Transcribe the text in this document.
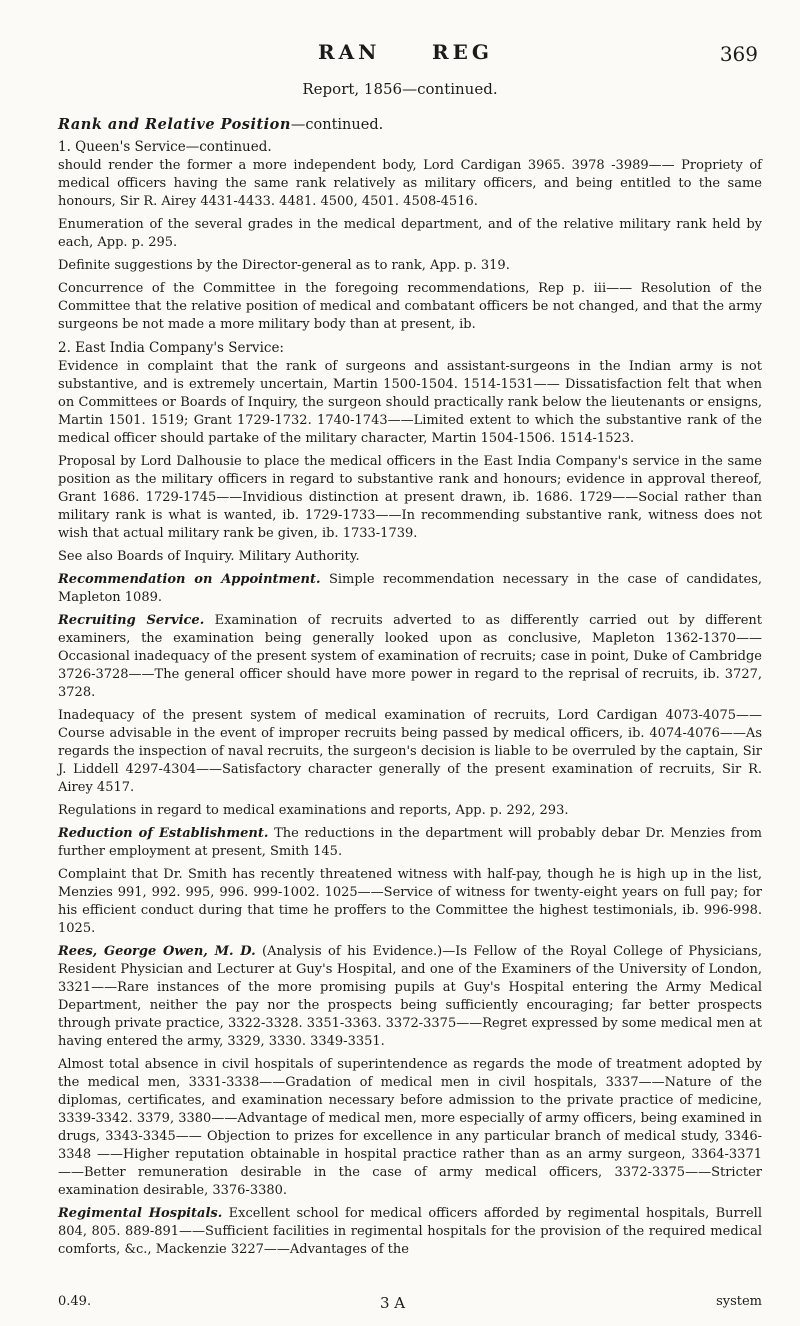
RAN	REG	369
Report, 1856—continued.
Rank and Relative Position—continued.
1. Queen's Service—continued.

should render the former a more independent body, Lord Cardigan 3965. 3978 -3989—— Propriety of medical officers having the same rank relatively as military officers, and being entitled to the same honours, Sir R. Airey 4431-4433. 4481. 4500, 4501. 4508-4516.

Enumeration of the several grades in the medical department, and of the relative military rank held by each, App. p. 295.

Definite suggestions by the Director-general as to rank, App. p. 319.

Concurrence of the Committee in the foregoing recommendations, Rep p. iii—— Resolution of the Committee that the relative position of medical and combatant officers be not changed, and that the army surgeons be not made a more military body than at present, ib.

2. East India Company's Service:

Evidence in complaint that the rank of surgeons and assistant-surgeons in the Indian army is not substantive, and is extremely uncertain, Martin 1500-1504. 1514-1531—— Dissatisfaction felt that when on Committees or Boards of Inquiry, the surgeon should practically rank below the lieutenants or ensigns, Martin 1501. 1519; Grant 1729-1732. 1740-1743——Limited extent to which the substantive rank of the medical officer should partake of the military character, Martin 1504-1506. 1514-1523.

Proposal by Lord Dalhousie to place the medical officers in the East India Company's service in the same position as the military officers in regard to substantive rank and honours; evidence in approval thereof, Grant 1686. 1729-1745——Invidious distinction at present drawn, ib. 1686. 1729——Social rather than military rank is what is wanted, ib. 1729-1733——In recommending substantive rank, witness does not wish that actual military rank be given, ib. 1733-1739.

See also Boards of Inquiry. Military Authority.

Recommendation on Appointment. Simple recommendation necessary in the case of candidates, Mapleton 1089.

Recruiting Service. Examination of recruits adverted to as differently carried out by different examiners, the examination being generally looked upon as conclusive, Mapleton 1362-1370——Occasional inadequacy of the present system of examination of recruits; case in point, Duke of Cambridge 3726-3728——The general officer should have more power in regard to the reprisal of recruits, ib. 3727, 3728.

Inadequacy of the present system of medical examination of recruits, Lord Cardigan 4073-4075——Course advisable in the event of improper recruits being passed by medical officers, ib. 4074-4076——As regards the inspection of naval recruits, the surgeon's decision is liable to be overruled by the captain, Sir J. Liddell 4297-4304——Satisfactory character generally of the present examination of recruits, Sir R. Airey 4517.

Regulations in regard to medical examinations and reports, App. p. 292, 293.

Reduction of Establishment. The reductions in the department will probably debar Dr. Menzies from further employment at present, Smith 145.

Complaint that Dr. Smith has recently threatened witness with half-pay, though he is high up in the list, Menzies 991, 992. 995, 996. 999-1002. 1025——Service of witness for twenty-eight years on full pay; for his efficient conduct during that time he proffers to the Committee the highest testimonials, ib. 996-998. 1025.

Rees, George Owen, M. D. (Analysis of his Evidence.)—Is Fellow of the Royal College of Physicians, Resident Physician and Lecturer at Guy's Hospital, and one of the Examiners of the University of London, 3321——Rare instances of the more promising pupils at Guy's Hospital entering the Army Medical Department, neither the pay nor the prospects being sufficiently encouraging; far better prospects through private practice, 3322-3328. 3351-3363. 3372-3375——Regret expressed by some medical men at having entered the army, 3329, 3330. 3349-3351.

Almost total absence in civil hospitals of superintendence as regards the mode of treatment adopted by the medical men, 3331-3338——Gradation of medical men in civil hospitals, 3337——Nature of the diplomas, certificates, and examination necessary before admission to the private practice of medicine, 3339-3342. 3379, 3380——Advantage of medical men, more especially of army officers, being examined in drugs, 3343-3345—— Objection to prizes for excellence in any particular branch of medical study, 3346-3348 ——Higher reputation obtainable in hospital practice rather than as an army surgeon, 3364-3371——Better remuneration desirable in the case of army medical officers, 3372-3375——Stricter examination desirable, 3376-3380.

Regimental Hospitals. Excellent school for medical officers afforded by regimental hospitals, Burrell 804, 805. 889-891——Sufficient facilities in regimental hospitals for the provision of the required medical comforts, &c., Mackenzie 3227——Advantages of the

0.49.	3 A	system
